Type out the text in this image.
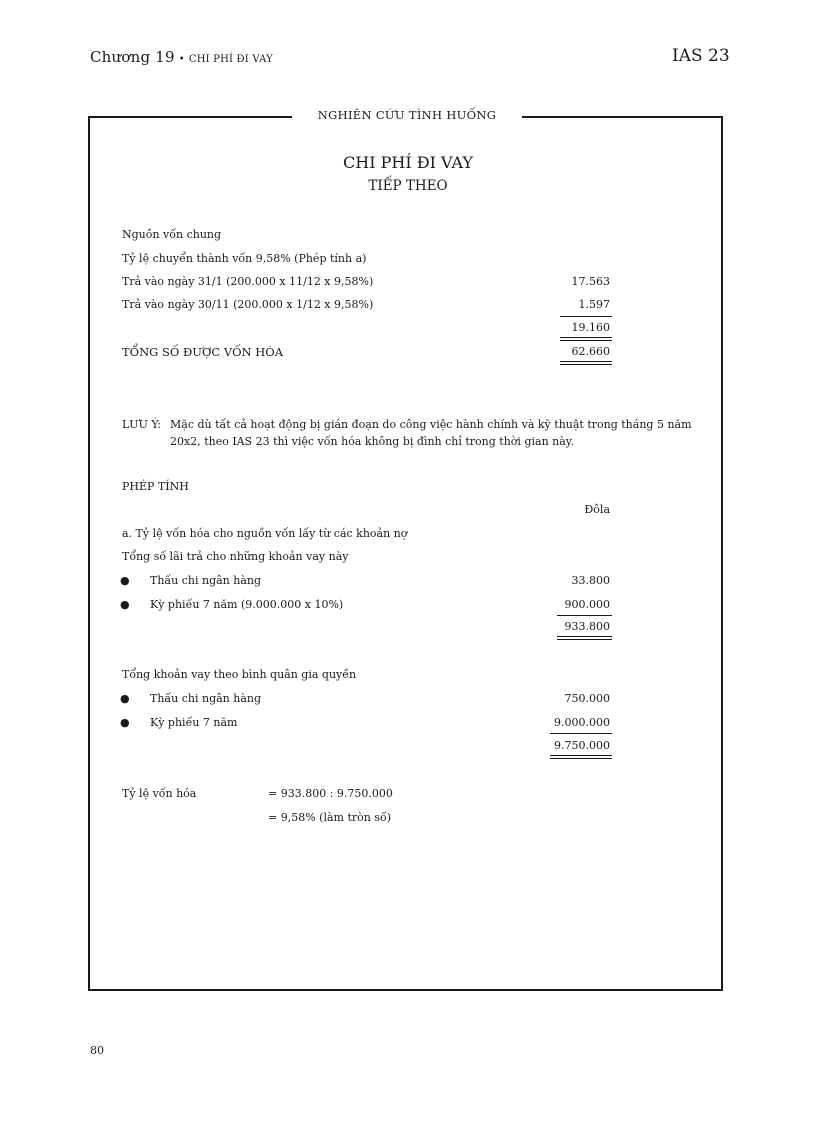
Chương 19 • CHI PHÍ ĐI VAY	IAS 23
NGHIÊN CỨU TÌNH HUỐNG
CHI PHÍ ĐI VAY
TIẾP THEO
Nguồn vốn chung
Tỷ lệ chuyển thành vốn 9,58% (Phép tính a)
Trả vào ngày 31/1 (200.000 x 11/12 x 9,58%)	17.563
Trả vào ngày 30/11 (200.000 x 1/12 x 9,58%)	1.597
19.160
TỔNG SỐ ĐƯỢC VỐN HÓA	62.660
LƯU Ý: Mặc dù tất cả hoạt động bị gián đoạn do công việc hành chính và kỹ thuật trong tháng 5 năm 20x2, theo IAS 23 thì việc vốn hóa không bị đình chỉ trong thời gian này.
PHÉP TÍNH
Đôla
a. Tỷ lệ vốn hóa cho nguồn vốn lấy từ các khoản nợ
Tổng số lãi trả cho những khoản vay này
● Thấu chi ngân hàng	33.800
● Kỳ phiếu 7 năm (9.000.000 x 10%)	900.000
933.800
Tổng khoản vay theo bình quân gia quyền
● Thấu chi ngân hàng	750.000
● Kỳ phiếu 7 năm	9.000.000
9.750.000
Tỷ lệ vốn hóa	= 933.800 : 9.750.000
= 9,58% (làm tròn số)
80
